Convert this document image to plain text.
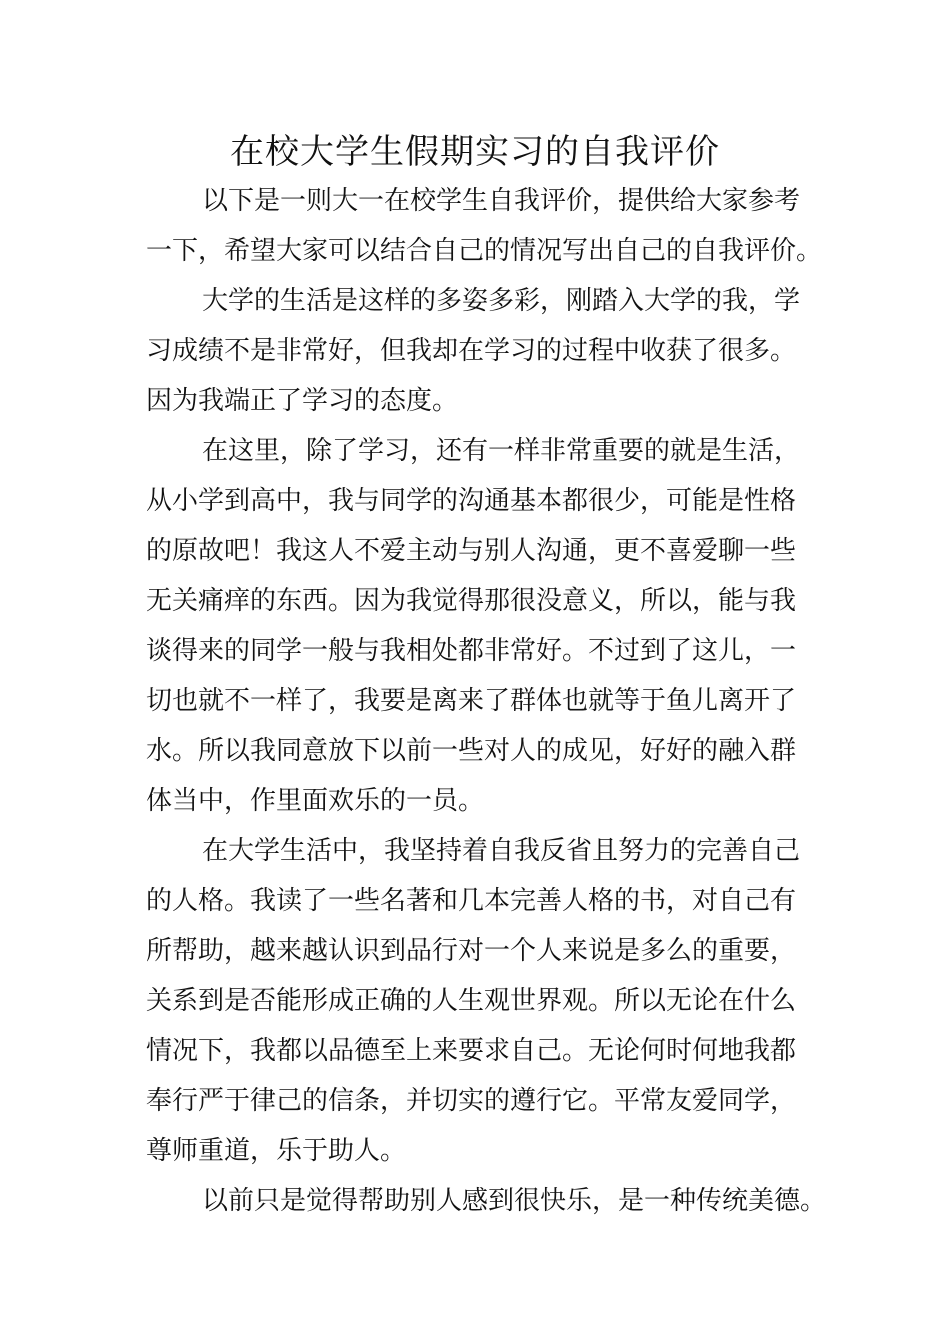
在校大学生假期实习的自我评价
以下是一则大一在校学生自我评价，提供给大家参考
一下，希望大家可以结合自己的情况写出自己的自我评价。
大学的生活是这样的多姿多彩，刚踏入大学的我，学
习成绩不是非常好，但我却在学习的过程中收获了很多。
因为我端正了学习的态度。
在这里，除了学习，还有一样非常重要的就是生活，
从小学到高中，我与同学的沟通基本都很少，可能是性格
的原故吧！我这人不爱主动与别人沟通，更不喜爱聊一些
无关痛痒的东西。因为我觉得那很没意义，所以，能与我
谈得来的同学一般与我相处都非常好。不过到了这儿，一
切也就不一样了，我要是离来了群体也就等于鱼儿离开了
水。所以我同意放下以前一些对人的成见，好好的融入群
体当中，作里面欢乐的一员。
在大学生活中，我坚持着自我反省且努力的完善自己
的人格。我读了一些名著和几本完善人格的书，对自己有
所帮助，越来越认识到品行对一个人来说是多么的重要，
关系到是否能形成正确的人生观世界观。所以无论在什么
情况下，我都以品德至上来要求自己。无论何时何地我都
奉行严于律己的信条，并切实的遵行它。平常友爱同学，
尊师重道，乐于助人。
以前只是觉得帮助别人感到很快乐，是一种传统美德。
